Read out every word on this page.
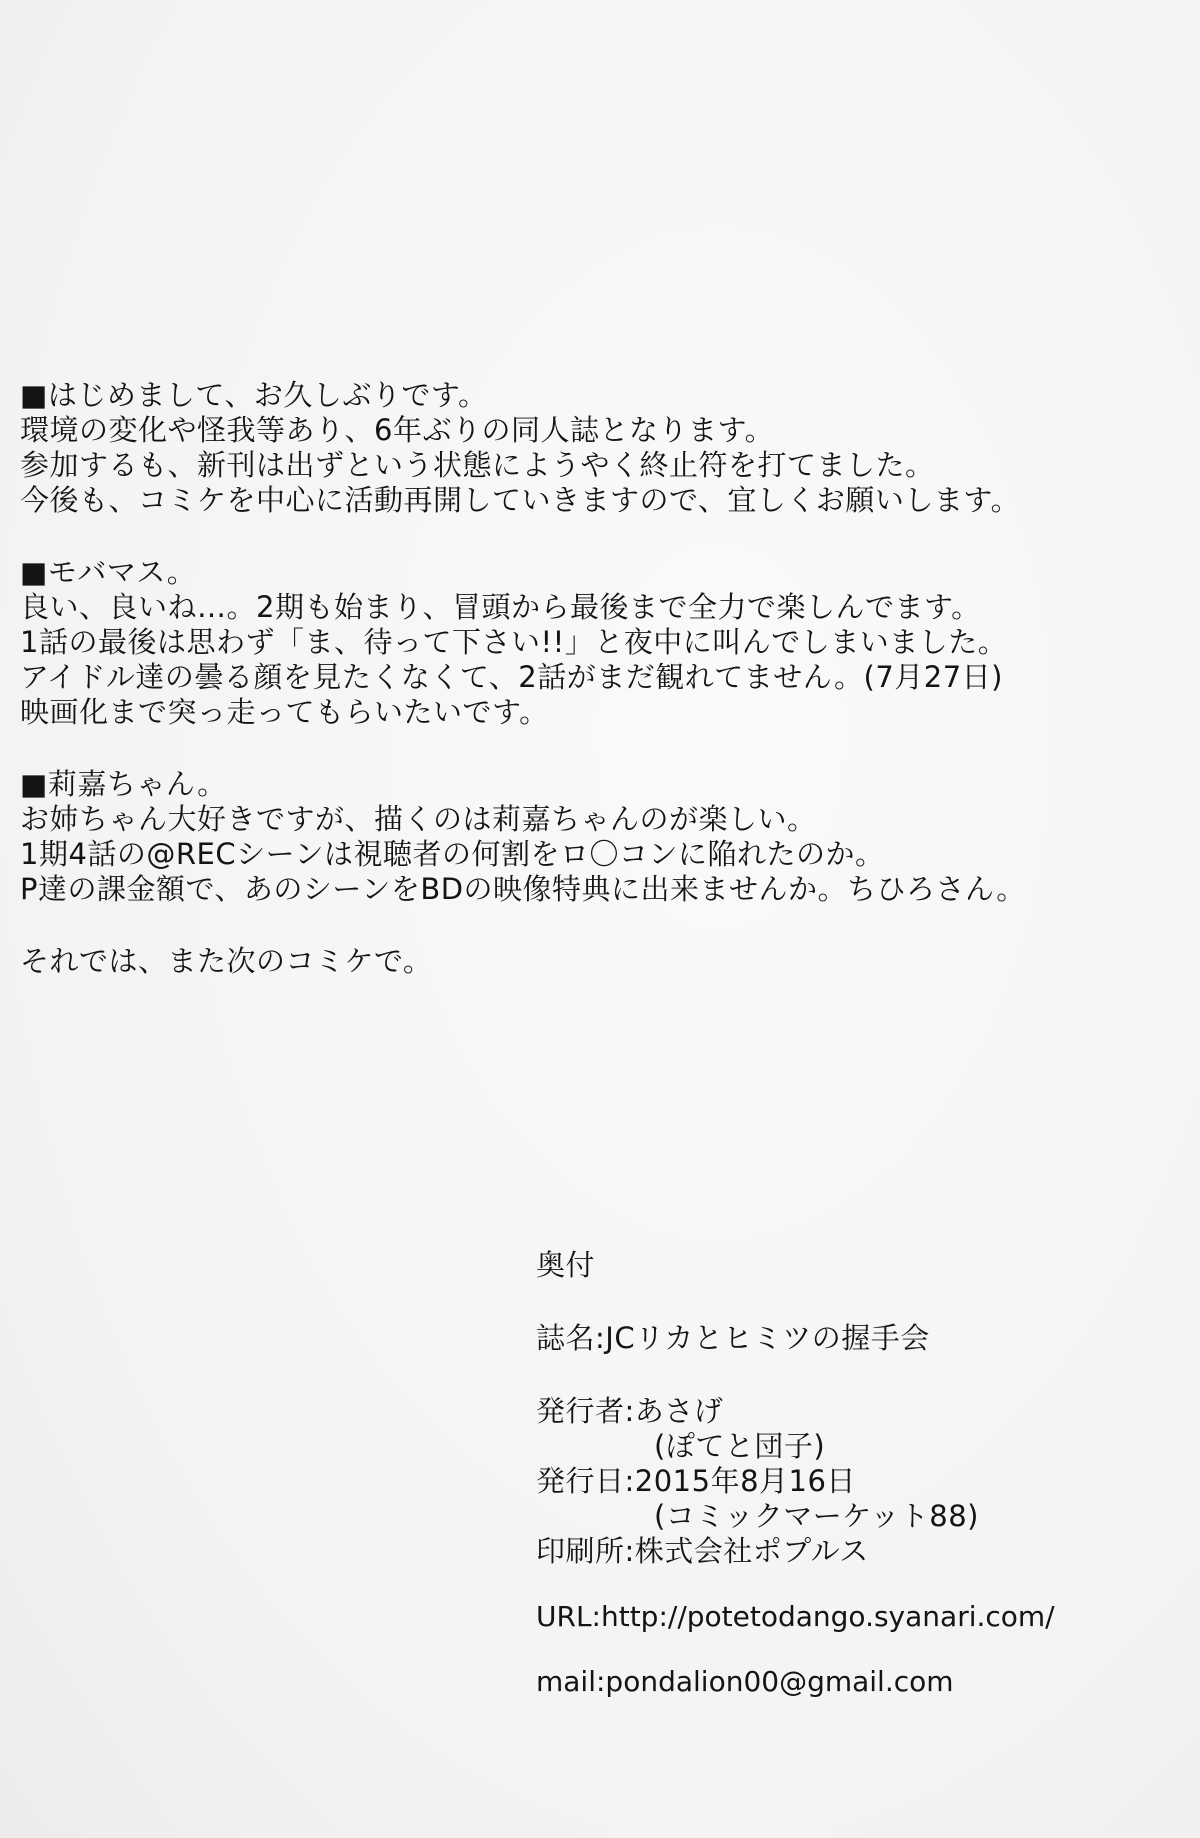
■はじめまして、お久しぶりです。
環境の変化や怪我等あり、6年ぶりの同人誌となります。
参加するも、新刊は出ずという状態にようやく終止符を打てました。
今後も、コミケを中心に活動再開していきますので、宜しくお願いします。
■モバマス。
良い、良いね…。2期も始まり、冒頭から最後まで全力で楽しんでます。
1話の最後は思わず「ま、待って下さい!!」と夜中に叫んでしまいました。
アイドル達の曇る顔を見たくなくて、2話がまだ観れてません。(7月27日)
映画化まで突っ走ってもらいたいです。
■莉嘉ちゃん。
お姉ちゃん大好きですが、描くのは莉嘉ちゃんのが楽しい。
1期4話の@RECシーンは視聴者の何割をロ〇コンに陥れたのか。
P達の課金額で、あのシーンをBDの映像特典に出来ませんか。ちひろさん。
それでは、また次のコミケで。
奥付
誌名:JCリカとヒミツの握手会
発行者:あさげ
(ぽてと団子)
発行日:2015年8月16日
(コミックマーケット88)
印刷所:株式会社ポプルス
URL:http://potetodango.syanari.com/
mail:pondalion00@gmail.com
